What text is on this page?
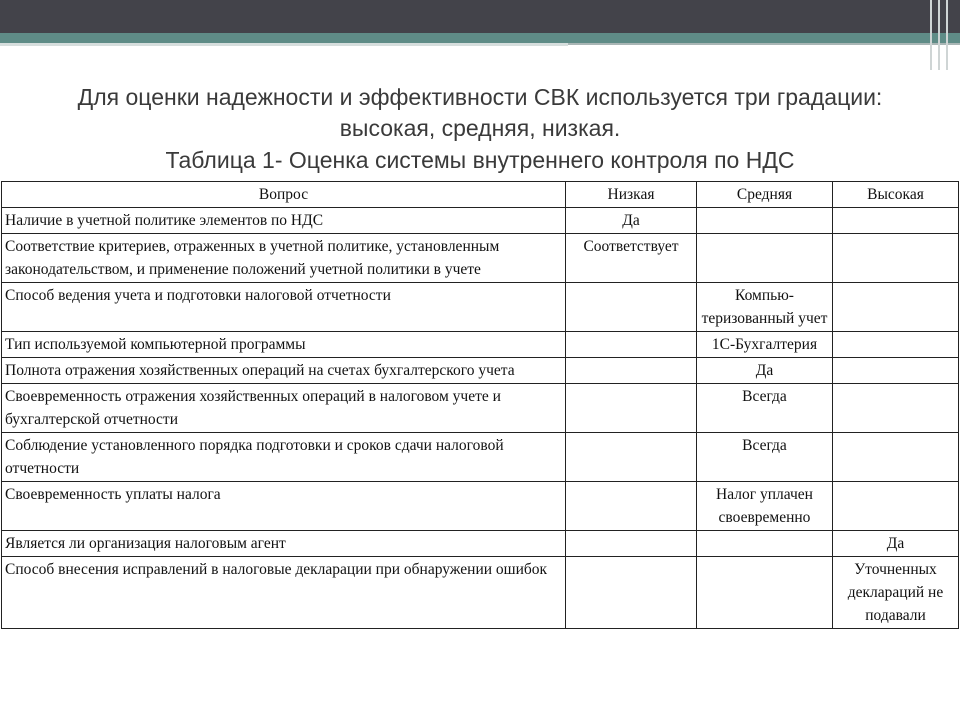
Для оценки надежности и эффективности СВК используется три градации:
высокая, средняя, низкая.
Таблица 1- Оценка системы внутреннего контроля по НДС
Вопрос	Низкая	Средняя	Высокая
Наличие в учетной политике элементов по НДС	Да		
Соответствие критериев, отраженных в учетной политике, установленным законодательством, и применение положений учетной политики в учете	Соответствует		
Способ ведения учета и подготовки налоговой отчетности		Компью-теризованный учет	
Тип используемой компьютерной программы		1С-Бухгалтерия	
Полнота отражения хозяйственных операций на счетах бухгалтерского учета		Да	
Своевременность отражения хозяйственных операций в налоговом учете и бухгалтерской отчетности		Всегда	
Соблюдение установленного порядка подготовки и сроков сдачи налоговой отчетности		Всегда	
Своевременность уплаты налога		Налог уплачен своевременно	
Является ли организация налоговым агент			Да
Способ внесения исправлений в налоговые декларации при обнаружении ошибок			Уточненных деклараций не подавали
